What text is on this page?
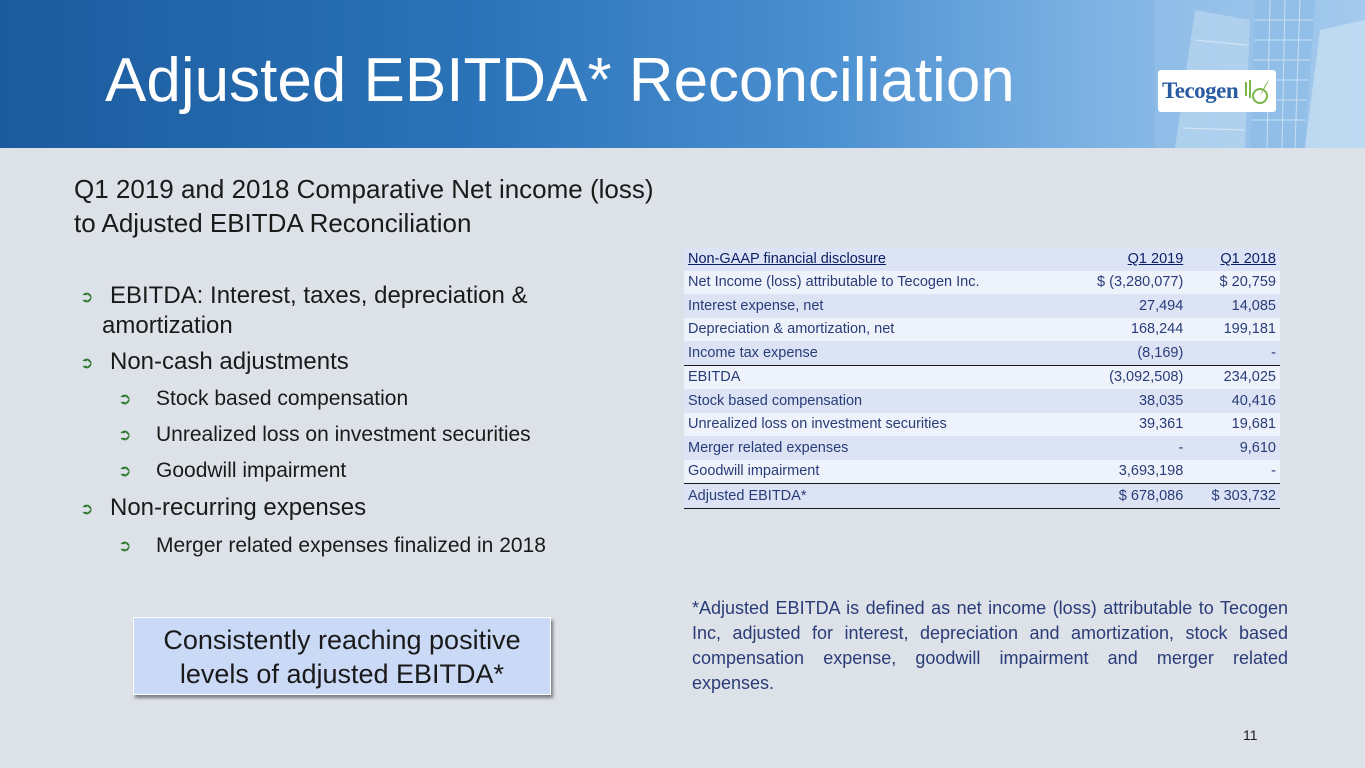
Adjusted EBITDA* Reconciliation	Tecogen
Q1 2019 and 2018 Comparative Net income (loss) to Adjusted EBITDA Reconciliation
➲ EBITDA: Interest, taxes, depreciation &
amortization
➲ Non-cash adjustments
➲	Stock based compensation
➲	Unrealized loss on investment securities
➲	Goodwill impairment
➲ Non-recurring expenses
➲	Merger related expenses finalized in 2018
Non-GAAP financial disclosure	Q1 2019	Q1 2018
Net Income (loss) attributable to Tecogen Inc.	$ (3,280,077)	$ 20,759
Interest expense, net	27,494	14,085
Depreciation & amortization, net	168,244	199,181
Income tax expense	(8,169)	-
EBITDA	(3,092,508)	234,025
Stock based compensation	38,035	40,416
Unrealized loss on investment securities	39,361	19,681
Merger related expenses	-	9,610
Goodwill impairment	3,693,198	-
Adjusted EBITDA*	$ 678,086	$ 303,732
Consistently reaching positive
levels of adjusted EBITDA*
*Adjusted EBITDA is defined as net income (loss) attributable to Tecogen Inc, adjusted for interest, depreciation and amortization, stock based compensation expense, goodwill impairment and merger related expenses.
11
